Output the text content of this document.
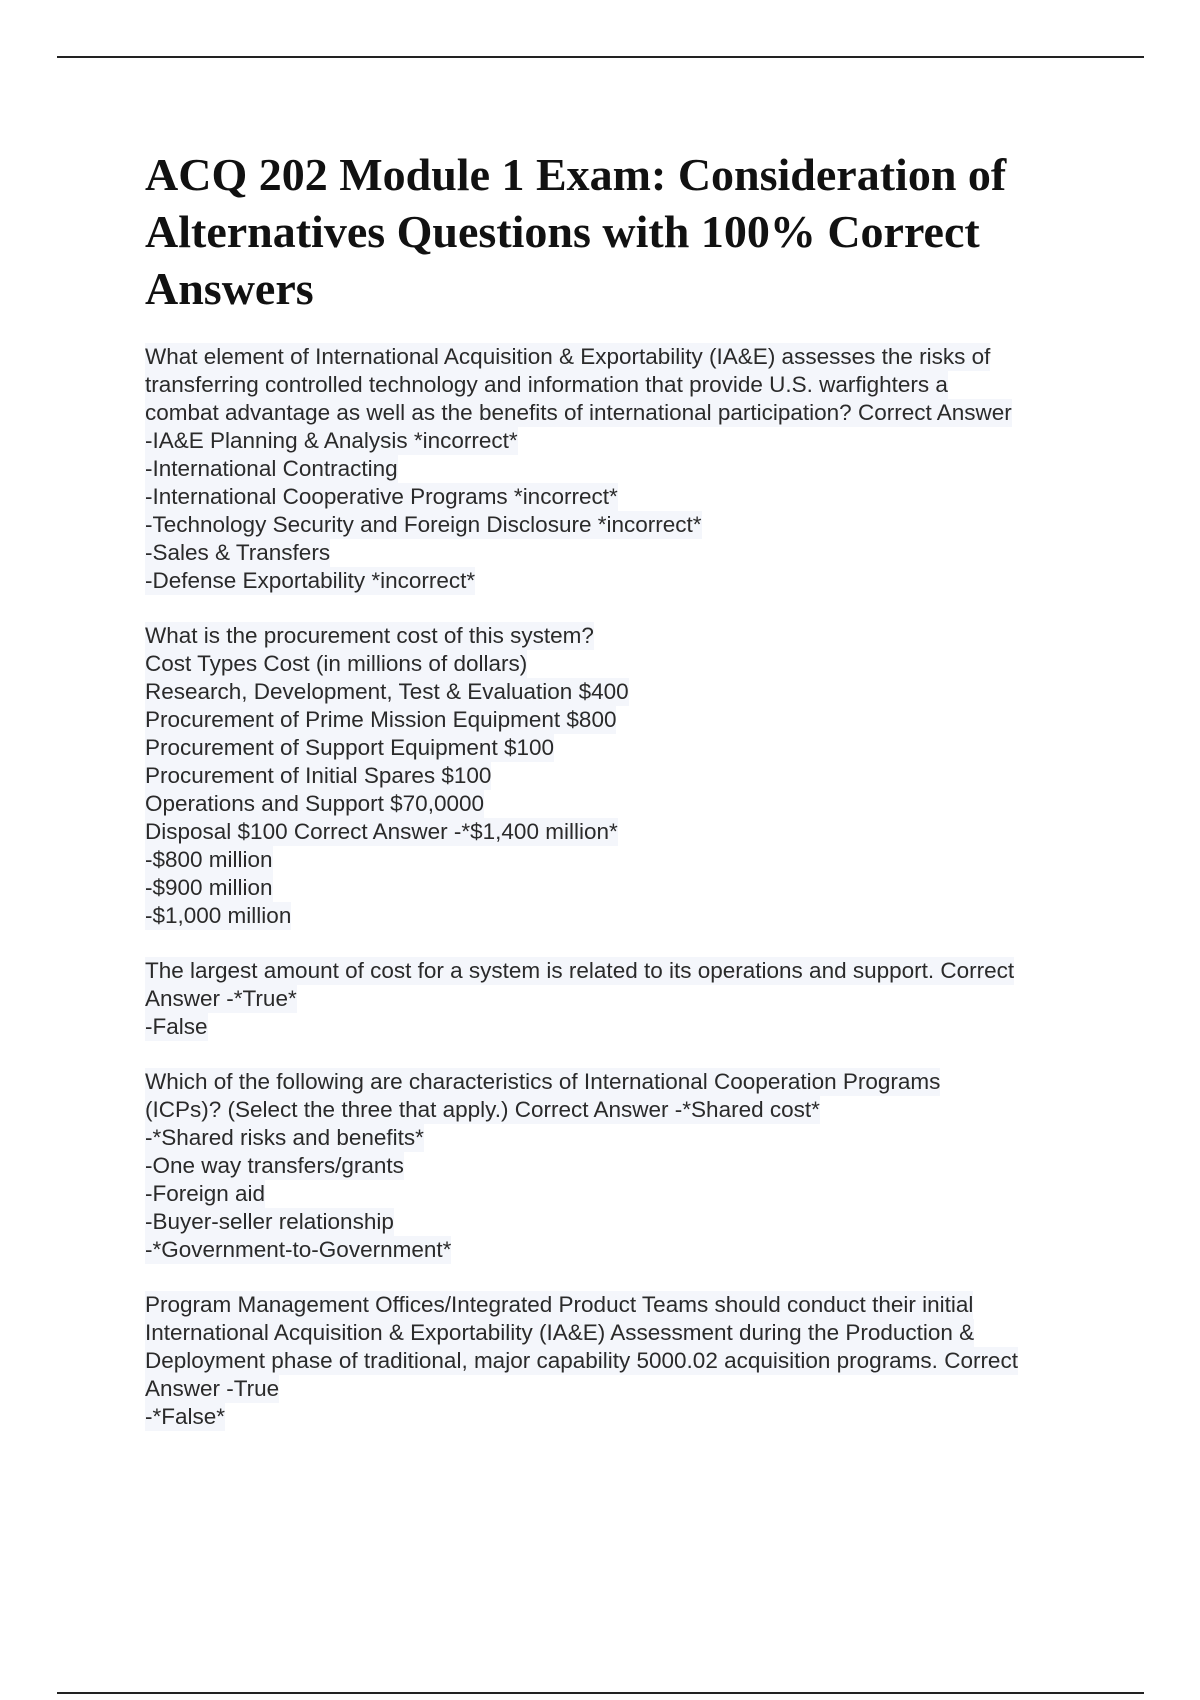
ACQ 202 Module 1 Exam: Consideration of Alternatives Questions with 100% Correct Answers
What element of International Acquisition & Exportability (IA&E) assesses the risks of
transferring controlled technology and information that provide U.S. warfighters a
combat advantage as well as the benefits of international participation? Correct Answer
-IA&E Planning & Analysis *incorrect*
-International Contracting
-International Cooperative Programs *incorrect*
-Technology Security and Foreign Disclosure *incorrect*
-Sales & Transfers
-Defense Exportability *incorrect*
What is the procurement cost of this system?
Cost Types Cost (in millions of dollars)
Research, Development, Test & Evaluation $400
Procurement of Prime Mission Equipment $800
Procurement of Support Equipment $100
Procurement of Initial Spares $100
Operations and Support $70,0000
Disposal $100 Correct Answer -*$1,400 million*
-$800 million
-$900 million
-$1,000 million
The largest amount of cost for a system is related to its operations and support. Correct
Answer -*True*
-False
Which of the following are characteristics of International Cooperation Programs
(ICPs)? (Select the three that apply.) Correct Answer -*Shared cost*
-*Shared risks and benefits*
-One way transfers/grants
-Foreign aid
-Buyer-seller relationship
-*Government-to-Government*
Program Management Offices/Integrated Product Teams should conduct their initial
International Acquisition & Exportability (IA&E) Assessment during the Production &
Deployment phase of traditional, major capability 5000.02 acquisition programs. Correct
Answer -True
-*False*
